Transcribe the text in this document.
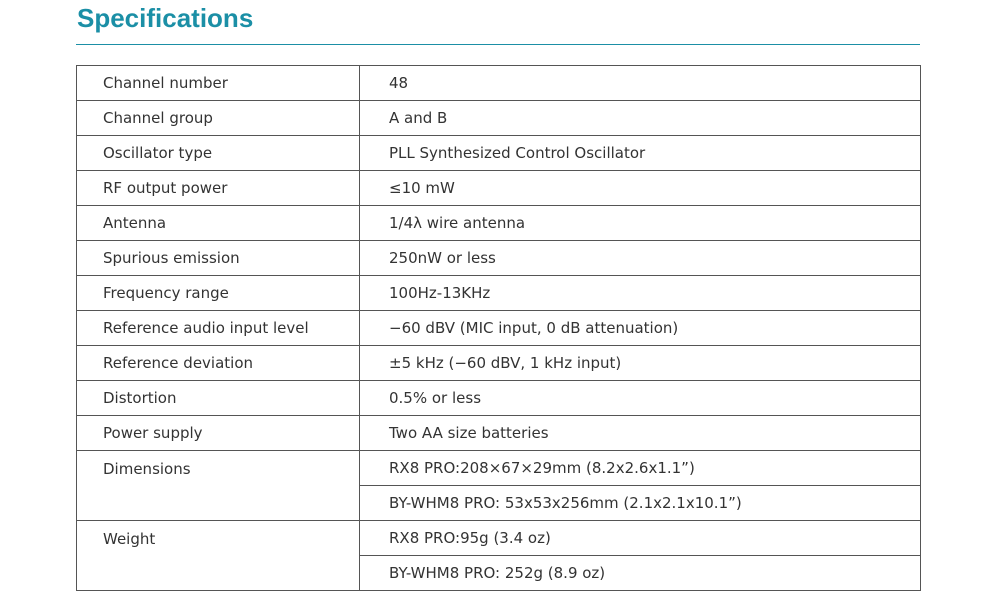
Specifications
Channel number	48
Channel group	A and B
Oscillator type	PLL Synthesized Control Oscillator
RF output power	≤10 mW
Antenna	1/4λ wire antenna
Spurious emission	250nW or less
Frequency range	100Hz-13KHz
Reference audio input level	−60 dBV (MIC input, 0 dB attenuation)
Reference deviation	±5 kHz (−60 dBV, 1 kHz input)
Distortion	0.5% or less
Power supply	Two AA size batteries
Dimensions	RX8 PRO:208×67×29mm (8.2x2.6x1.1”)
	BY-WHM8 PRO: 53x53x256mm (2.1x2.1x10.1”)
Weight	RX8 PRO:95g (3.4 oz)
	BY-WHM8 PRO: 252g (8.9 oz)
